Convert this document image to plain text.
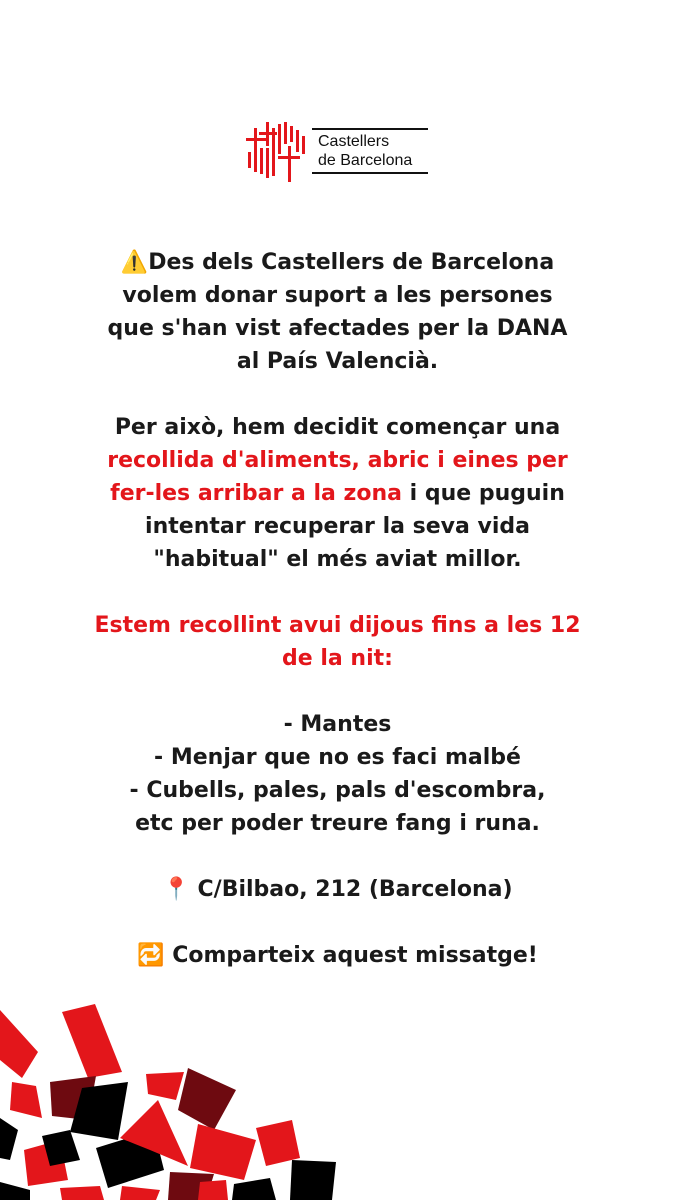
Castellers
de Barcelona

⚠️Des dels Castellers de Barcelona
volem donar suport a les persones
que s'han vist afectades per la DANA
al País Valencià.

Per això, hem decidit començar una
recollida d'aliments, abric i eines per
fer-les arribar a la zona i que puguin
intentar recuperar la seva vida
"habitual" el més aviat millor.

Estem recollint avui dijous fins a les 12
de la nit:

- Mantes
- Menjar que no es faci malbé
- Cubells, pales, pals d'escombra,
etc per poder treure fang i runa.

📍 C/Bilbao, 212 (Barcelona)

🔁 Comparteix aquest missatge!
